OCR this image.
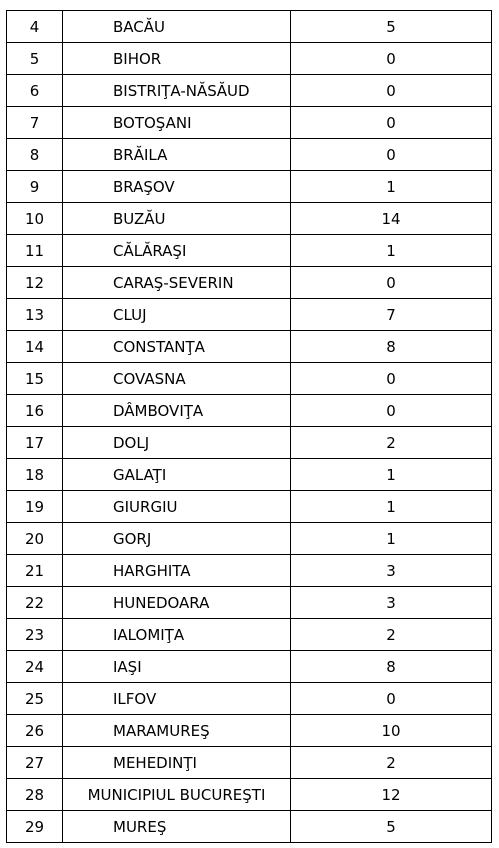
4	BACĂU	5
5	BIHOR	0
6	BISTRIŢA-NĂSĂUD	0
7	BOTOŞANI	0
8	BRĂILA	0
9	BRAŞOV	1
10	BUZĂU	14
11	CĂLĂRAŞI	1
12	CARAŞ-SEVERIN	0
13	CLUJ	7
14	CONSTANŢA	8
15	COVASNA	0
16	DÂMBOVIŢA	0
17	DOLJ	2
18	GALAŢI	1
19	GIURGIU	1
20	GORJ	1
21	HARGHITA	3
22	HUNEDOARA	3
23	IALOMIŢA	2
24	IAŞI	8
25	ILFOV	0
26	MARAMUREŞ	10
27	MEHEDINŢI	2
28	MUNICIPIUL BUCUREŞTI	12
29	MUREŞ	5
